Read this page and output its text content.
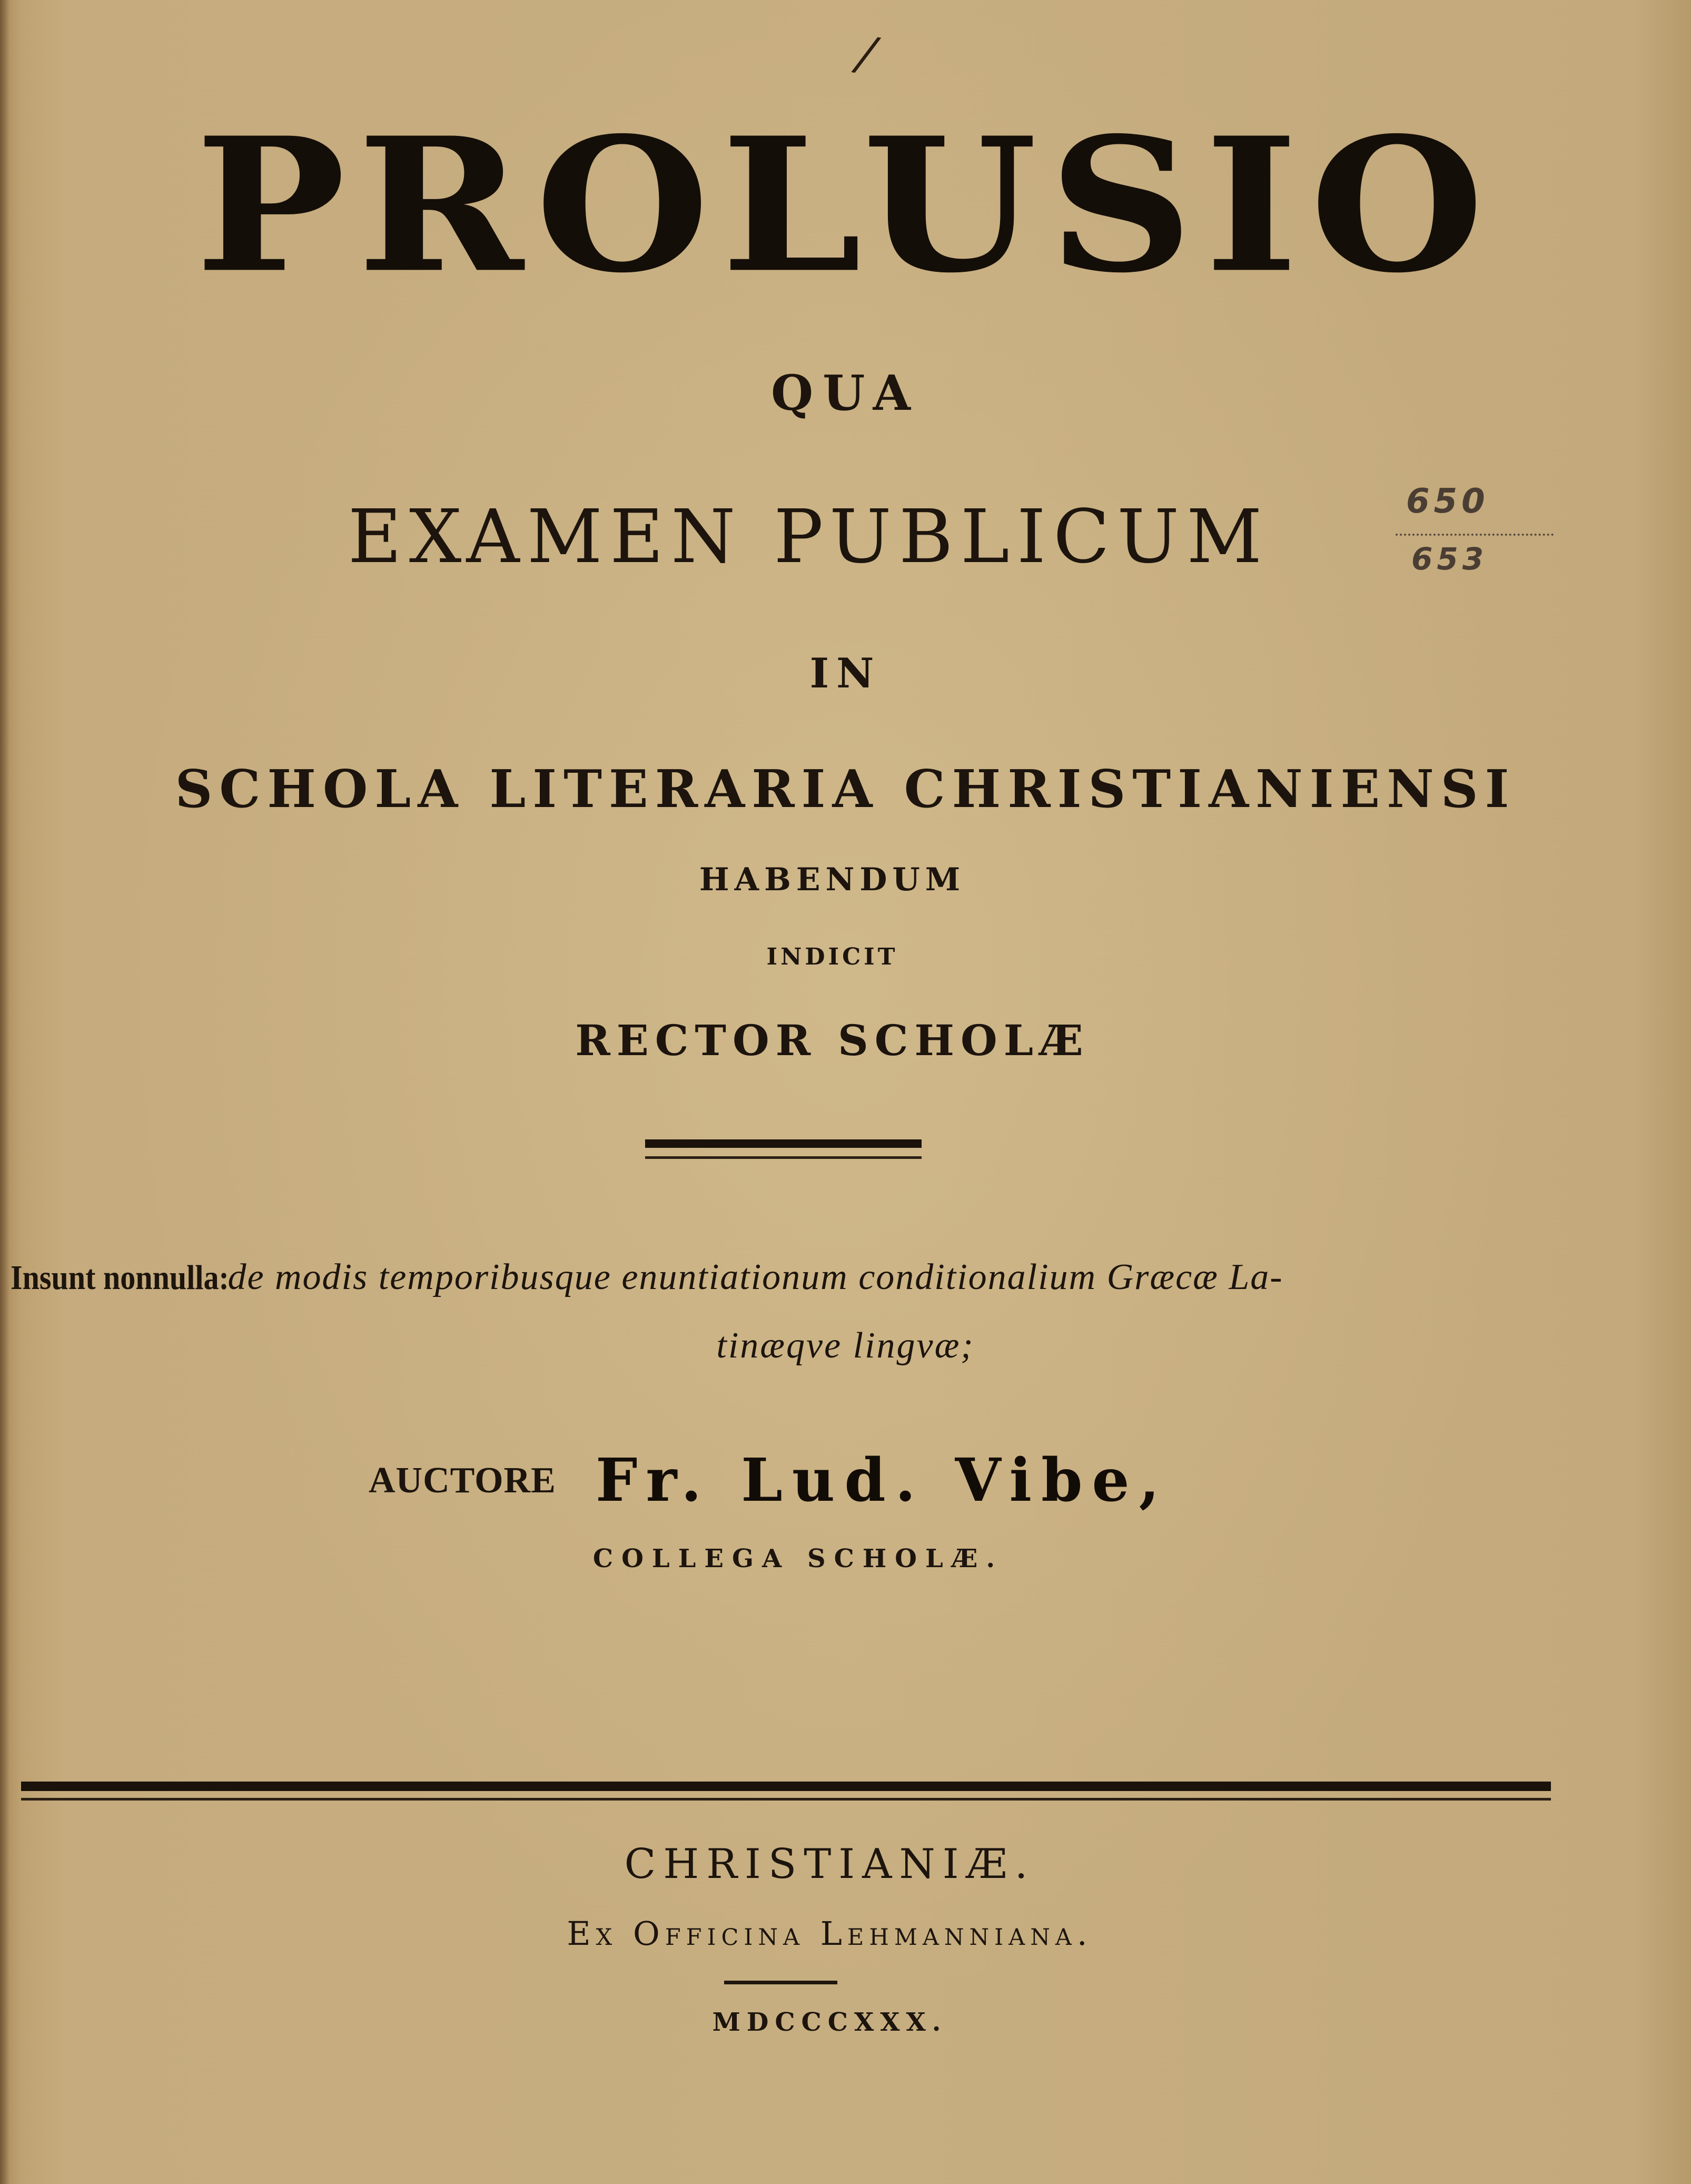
/
PROLUSIO
QUA
EXAMEN PUBLICUM	650
653
IN
SCHOLA LITERARIA CHRISTIANIENSI
HABENDUM
INDICIT
RECTOR SCHOLÆ
Insunt nonnulla: de modis temporibusque enuntiationum conditionalium Græcæ La-
tinæqve lingvæ;
AUCTORE Fr. Lud. Vibe,
COLLEGA SCHOLÆ.
CHRISTIANIÆ.
Ex Officina Lehmanniana.
MDCCCXXX.
